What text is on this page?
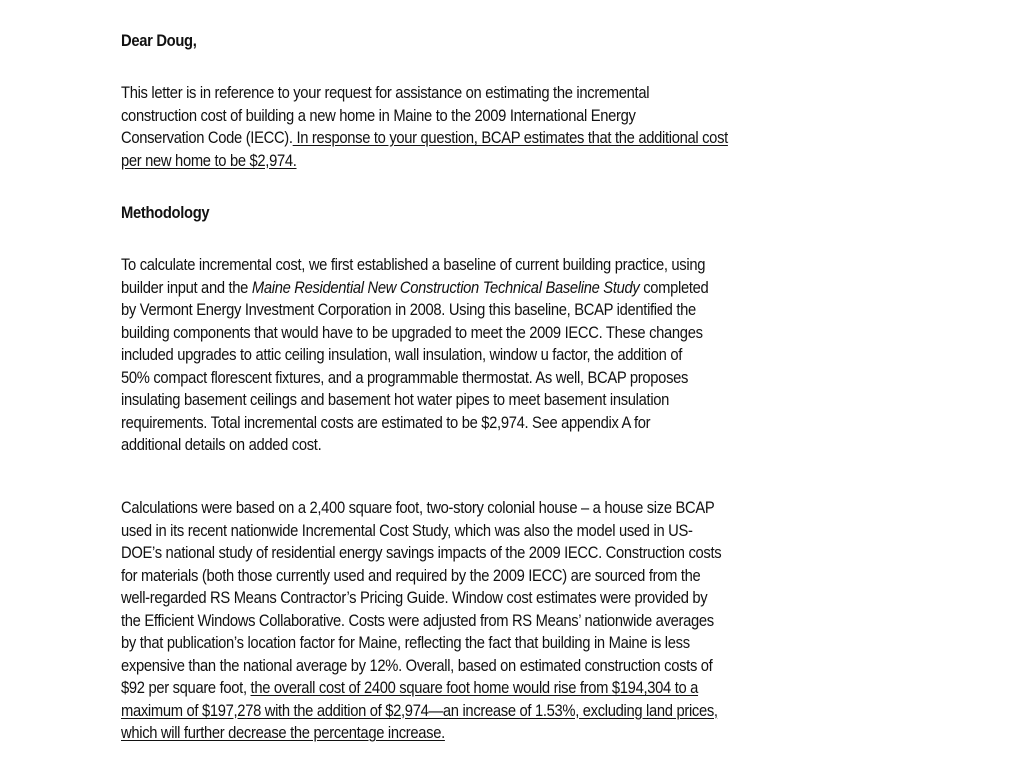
Dear Doug,

This letter is in reference to your request for assistance on estimating the incremental

construction cost of building a new home in Maine to the 2009 International Energy

Conservation Code (IECC). In response to your question, BCAP estimates that the additional cost

per new home to be $2,974.

Methodology

To calculate incremental cost, we first established a baseline of current building practice, using

builder input and the Maine Residential New Construction Technical Baseline Study completed

by Vermont Energy Investment Corporation in 2008. Using this baseline, BCAP identified the

building components that would have to be upgraded to meet the 2009 IECC. These changes

included upgrades to attic ceiling insulation, wall insulation, window u factor, the addition of

50% compact florescent fixtures, and a programmable thermostat. As well, BCAP proposes

insulating basement ceilings and basement hot water pipes to meet basement insulation

requirements. Total incremental costs are estimated to be $2,974. See appendix A for

additional details on added cost.

Calculations were based on a 2,400 square foot, two-story colonial house – a house size BCAP

used in its recent nationwide Incremental Cost Study, which was also the model used in US-

DOE’s national study of residential energy savings impacts of the 2009 IECC. Construction costs

for materials (both those currently used and required by the 2009 IECC) are sourced from the

well-regarded RS Means Contractor’s Pricing Guide. Window cost estimates were provided by

the Efficient Windows Collaborative. Costs were adjusted from RS Means’ nationwide averages

by that publication’s location factor for Maine, reflecting the fact that building in Maine is less

expensive than the national average by 12%. Overall, based on estimated construction costs of

$92 per square foot, the overall cost of 2400 square foot home would rise from $194,304 to a

maximum of $197,278 with the addition of $2,974—an increase of 1.53%, excluding land prices,

which will further decrease the percentage increase.
